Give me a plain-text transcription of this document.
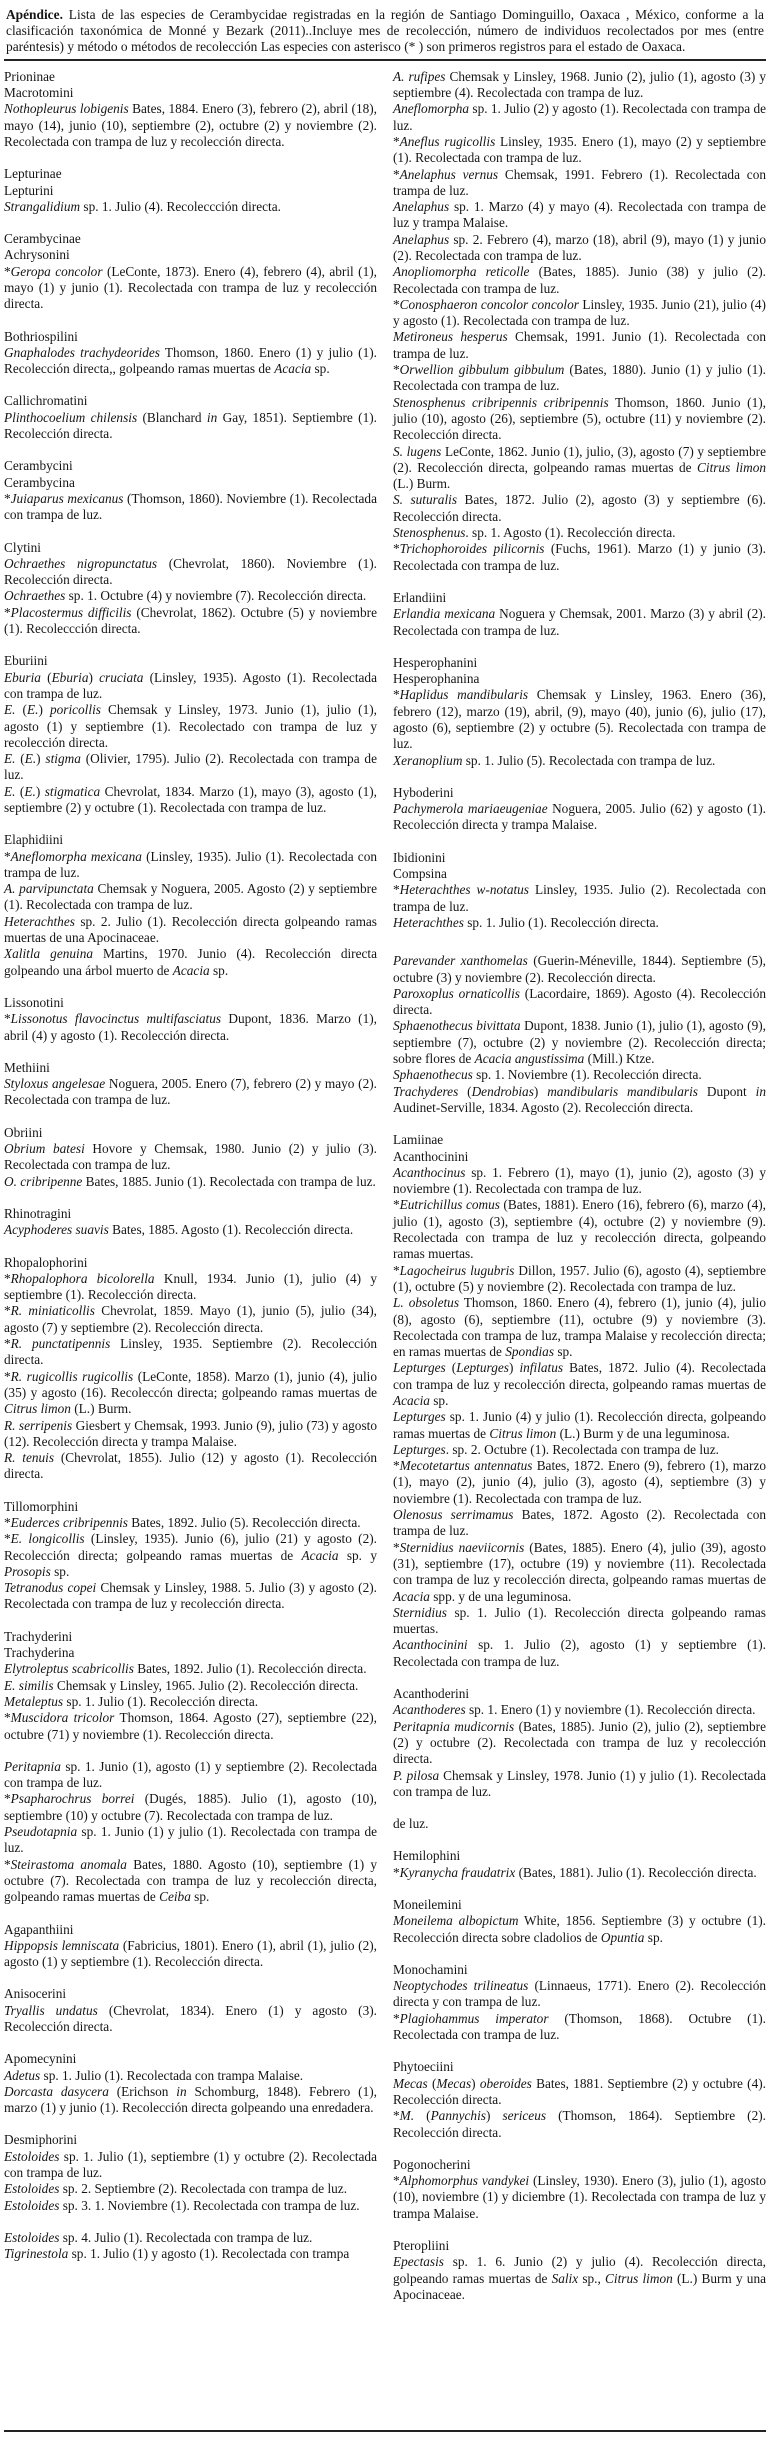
Apéndice. Lista de las especies de Cerambycidae registradas en la región de Santiago Dominguillo, Oaxaca , México, conforme a la clasificación taxonómica de Monné y Bezark (2011)..Incluye mes de recolección, número de individuos recolectados por mes (entre paréntesis) y método o métodos de recolección Las especies con asterisco (* ) son primeros registros para el estado de Oaxaca.
Prioninae
Macrotomini
Nothopleurus lobigenis Bates, 1884. Enero (3), febrero (2), abril (18), mayo (14), junio (10), septiembre (2), octubre (2) y noviembre (2). Recolectada con trampa de luz y recolección directa.
Lepturinae
Lepturini
Strangalidium sp. 1. Julio (4). Recoleccción directa.
Cerambycinae
Achrysonini
*Geropa concolor (LeConte, 1873). Enero (4), febrero (4), abril (1), mayo (1) y junio (1). Recolectada con trampa de luz y recolección directa.
Bothriospilini
Gnaphalodes trachydeorides Thomson, 1860. Enero (1) y julio (1). Recolección directa,, golpeando ramas muertas de Acacia sp.
Callichromatini
Plinthocoelium chilensis (Blanchard in Gay, 1851). Septiembre (1). Recolección directa.
Cerambycini
Cerambycina
*Juiaparus mexicanus (Thomson, 1860). Noviembre (1). Recolectada con trampa de luz.
Clytini
Ochraethes nigropunctatus (Chevrolat, 1860). Noviembre (1). Recolección directa.
Ochraethes sp. 1. Octubre (4) y noviembre (7). Recolección directa.
*Placostermus difficilis (Chevrolat, 1862). Octubre (5) y noviembre (1). Recoleccción directa.
Eburiini
Eburia (Eburia) cruciata (Linsley, 1935). Agosto (1). Recolectada con trampa de luz.
E. (E.) poricollis Chemsak y Linsley, 1973. Junio (1), julio (1), agosto (1) y septiembre (1). Recolectado con trampa de luz y recolección directa.
E. (E.) stigma (Olivier, 1795). Julio (2). Recolectada con trampa de luz.
E. (E.) stigmatica Chevrolat, 1834. Marzo (1), mayo (3), agosto (1), septiembre (2) y octubre (1). Recolectada con trampa de luz.
Elaphidiini
*Aneflomorpha mexicana (Linsley, 1935). Julio (1). Recolectada con trampa de luz.
A. parvipunctata Chemsak y Noguera, 2005. Agosto (2) y septiembre (1). Recolectada con trampa de luz.
Heterachthes sp. 2. Julio (1). Recolección directa golpeando ramas muertas de una Apocinaceae.
Xalitla genuina Martins, 1970. Junio (4). Recolección directa golpeando una árbol muerto de Acacia sp.
Lissonotini
*Lissonotus flavocinctus multifasciatus Dupont, 1836. Marzo (1), abril (4) y agosto (1). Recolección directa.
Methiini
Styloxus angelesae Noguera, 2005. Enero (7), febrero (2) y mayo (2). Recolectada con trampa de luz.
Obriini
Obrium batesi Hovore y Chemsak, 1980. Junio (2) y julio (3). Recolectada con trampa de luz.
O. cribripenne Bates, 1885. Junio (1). Recolectada con trampa de luz.
Rhinotragini
Acyphoderes suavis Bates, 1885. Agosto (1). Recolección directa.
Rhopalophorini
*Rhopalophora bicolorella Knull, 1934. Junio (1), julio (4) y septiembre (1). Recolección directa.
*R. miniaticollis Chevrolat, 1859. Mayo (1), junio (5), julio (34), agosto (7) y septiembre (2). Recolección directa.
*R. punctatipennis Linsley, 1935. Septiembre (2). Recolección directa.
*R. rugicollis rugicollis (LeConte, 1858). Marzo (1), junio (4), julio (35) y agosto (16). Recoleccón directa; golpeando ramas muertas de Citrus limon (L.) Burm.
R. serripenis Giesbert y Chemsak, 1993. Junio (9), julio (73) y agosto (12). Recolección directa y trampa Malaise.
R. tenuis (Chevrolat, 1855). Julio (12) y agosto (1). Recolección directa.
Tillomorphini
*Euderces cribripennis Bates, 1892. Julio (5). Recolección directa.
*E. longicollis (Linsley, 1935). Junio (6), julio (21) y agosto (2). Recolección directa; golpeando ramas muertas de Acacia sp. y Prosopis sp.
Tetranodus copei Chemsak y Linsley, 1988. 5. Julio (3) y agosto (2). Recolectada con trampa de luz y recolección directa.
Trachyderini
Trachyderina
Elytroleptus scabricollis Bates, 1892. Julio (1). Recolección directa.
E. similis Chemsak y Linsley, 1965. Julio (2). Recolección directa.
Metaleptus sp. 1. Julio (1). Recolección directa.
*Muscidora tricolor Thomson, 1864. Agosto (27), septiembre (22), octubre (71) y noviembre (1). Recolección directa.
Peritapnia sp. 1. Junio (1), agosto (1) y septiembre (2). Recolectada con trampa de luz.
*Psapharochrus borrei (Dugés, 1885). Julio (1), agosto (10), septiembre (10) y octubre (7). Recolectada con trampa de luz.
Pseudotapnia sp. 1. Junio (1) y julio (1). Recolectada con trampa de luz.
*Steirastoma anomala Bates, 1880. Agosto (10), septiembre (1) y octubre (7). Recolectada con trampa de luz y recolección directa, golpeando ramas muertas de Ceiba sp.
Agapanthiini
Hippopsis lemniscata (Fabricius, 1801). Enero (1), abril (1), julio (2), agosto (1) y septiembre (1). Recolección directa.
Anisocerini
Tryallis undatus (Chevrolat, 1834). Enero (1) y agosto (3). Recolección directa.
Apomecynini
Adetus sp. 1. Julio (1). Recolectada con trampa Malaise.
Dorcasta dasycera (Erichson in Schomburg, 1848). Febrero (1), marzo (1) y junio (1). Recolección directa golpeando una enredadera.
Desmiphorini
Estoloides sp. 1. Julio (1), septiembre (1) y octubre (2). Recolectada con trampa de luz.
Estoloides sp. 2. Septiembre (2). Recolectada con trampa de luz.
Estoloides sp. 3. 1. Noviembre (1). Recolectada con trampa de luz.
Estoloides sp. 4. Julio (1). Recolectada con trampa de luz.
Tigrinestola sp. 1. Julio (1) y agosto (1). Recolectada con trampa
A. rufipes Chemsak y Linsley, 1968. Junio (2), julio (1), agosto (3) y septiembre (4). Recolectada con trampa de luz.
Aneflomorpha sp. 1. Julio (2) y agosto (1). Recolectada con trampa de luz.
*Aneflus rugicollis Linsley, 1935. Enero (1), mayo (2) y septiembre (1). Recolectada con trampa de luz.
*Anelaphus vernus Chemsak, 1991. Febrero (1). Recolectada con trampa de luz.
Anelaphus sp. 1. Marzo (4) y mayo (4). Recolectada con trampa de luz y trampa Malaise.
Anelaphus sp. 2. Febrero (4), marzo (18), abril (9), mayo (1) y junio (2). Recolectada con trampa de luz.
Anopliomorpha reticolle (Bates, 1885). Junio (38) y julio (2). Recolectada con trampa de luz.
*Conosphaeron concolor concolor Linsley, 1935. Junio (21), julio (4) y agosto (1). Recolectada con trampa de luz.
Metironeus hesperus Chemsak, 1991. Junio (1). Recolectada con trampa de luz.
*Orwellion gibbulum gibbulum (Bates, 1880). Junio (1) y julio (1). Recolectada con trampa de luz.
Stenosphenus cribripennis cribripennis Thomson, 1860. Junio (1), julio (10), agosto (26), septiembre (5), octubre (11) y noviembre (2). Recolección directa.
S. lugens LeConte, 1862. Junio (1), julio, (3), agosto (7) y septiembre (2). Recolección directa, golpeando ramas muertas de Citrus limon (L.) Burm.
S. suturalis Bates, 1872. Julio (2), agosto (3) y septiembre (6). Recolección directa.
Stenosphenus. sp. 1. Agosto (1). Recolección directa.
*Trichophoroides pilicornis (Fuchs, 1961). Marzo (1) y junio (3). Recolectada con trampa de luz.
Erlandiini
Erlandia mexicana Noguera y Chemsak, 2001. Marzo (3) y abril (2). Recolectada con trampa de luz.
Hesperophanini
Hesperophanina
*Haplidus mandibularis Chemsak y Linsley, 1963. Enero (36), febrero (12), marzo (19), abril, (9), mayo (40), junio (6), julio (17), agosto (6), septiembre (2) y octubre (5). Recolectada con trampa de luz.
Xeranoplium sp. 1. Julio (5). Recolectada con trampa de luz.
Hyboderini
Pachymerola mariaeugeniae Noguera, 2005. Julio (62) y agosto (1). Recolección directa y trampa Malaise.
Ibidionini
Compsina
*Heterachthes w-notatus Linsley, 1935. Julio (2). Recolectada con trampa de luz.
Heterachthes sp. 1. Julio (1). Recolección directa.
Parevander xanthomelas (Guerin-Méneville, 1844). Septiembre (5), octubre (3) y noviembre (2). Recolección directa.
Paroxoplus ornaticollis (Lacordaire, 1869). Agosto (4). Recolección directa.
Sphaenothecus bivittata Dupont, 1838. Junio (1), julio (1), agosto (9), septiembre (7), octubre (2) y noviembre (2). Recolección directa; sobre flores de Acacia angustissima (Mill.) Ktze.
Sphaenothecus sp. 1. Noviembre (1). Recolección directa.
Trachyderes (Dendrobias) mandibularis mandibularis Dupont in Audinet-Serville, 1834. Agosto (2). Recolección directa.
Lamiinae
Acanthocinini
Acanthocinus sp. 1. Febrero (1), mayo (1), junio (2), agosto (3) y noviembre (1). Recolectada con trampa de luz.
*Eutrichillus comus (Bates, 1881). Enero (16), febrero (6), marzo (4), julio (1), agosto (3), septiembre (4), octubre (2) y noviembre (9). Recolectada con trampa de luz y recolección directa, golpeando ramas muertas.
*Lagocheirus lugubris Dillon, 1957. Julio (6), agosto (4), septiembre (1), octubre (5) y noviembre (2). Recolectada con trampa de luz.
L. obsoletus Thomson, 1860. Enero (4), febrero (1), junio (4), julio (8), agosto (6), septiembre (11), octubre (9) y noviembre (3). Recolectada con trampa de luz, trampa Malaise y recolección directa; en ramas muertas de Spondias sp.
Lepturges (Lepturges) infilatus Bates, 1872. Julio (4). Recolectada con trampa de luz y recolección directa, golpeando ramas muertas de Acacia sp.
Lepturges sp. 1. Junio (4) y julio (1). Recolección directa, golpeando ramas muertas de Citrus limon (L.) Burm y de una leguminosa.
Lepturges. sp. 2. Octubre (1). Recolectada con trampa de luz.
*Mecotetartus antennatus Bates, 1872. Enero (9), febrero (1), marzo (1), mayo (2), junio (4), julio (3), agosto (4), septiembre (3) y noviembre (1). Recolectada con trampa de luz.
Olenosus serrimamus Bates, 1872. Agosto (2). Recolectada con trampa de luz.
*Sternidius naeviicornis (Bates, 1885). Enero (4), julio (39), agosto (31), septiembre (17), octubre (19) y noviembre (11). Recolectada con trampa de luz y recolección directa, golpeando ramas muertas de Acacia spp. y de una leguminosa.
Sternidius sp. 1. Julio (1). Recolección directa golpeando ramas muertas.
Acanthocinini sp. 1. Julio (2), agosto (1) y septiembre (1). Recolectada con trampa de luz.
Acanthoderini
Acanthoderes sp. 1. Enero (1) y noviembre (1). Recolección directa.
Peritapnia mudicornis (Bates, 1885). Junio (2), julio (2), septiembre (2) y octubre (2). Recolectada con trampa de luz y recolección directa.
P. pilosa Chemsak y Linsley, 1978. Junio (1) y julio (1). Recolectada con trampa de luz.
de luz.
Hemilophini
*Kyranycha fraudatrix (Bates, 1881). Julio (1). Recolección directa.
Moneilemini
Moneilema albopictum White, 1856. Septiembre (3) y octubre (1). Recolección directa sobre cladolios de Opuntia sp.
Monochamini
Neoptychodes trilineatus (Linnaeus, 1771). Enero (2). Recolección directa y con trampa de luz.
*Plagiohammus imperator (Thomson, 1868). Octubre (1). Recolectada con trampa de luz.
Phytoeciini
Mecas (Mecas) oberoides Bates, 1881. Septiembre (2) y octubre (4). Recolección directa.
*M. (Pannychis) sericeus (Thomson, 1864). Septiembre (2). Recolección directa.
Pogonocherini
*Alphomorphus vandykei (Linsley, 1930). Enero (3), julio (1), agosto (10), noviembre (1) y diciembre (1). Recolectada con trampa de luz y trampa Malaise.
Pteropliini
Epectasis sp. 1. 6. Junio (2) y julio (4). Recolección directa, golpeando ramas muertas de Salix sp., Citrus limon (L.) Burm y una Apocinaceae.
